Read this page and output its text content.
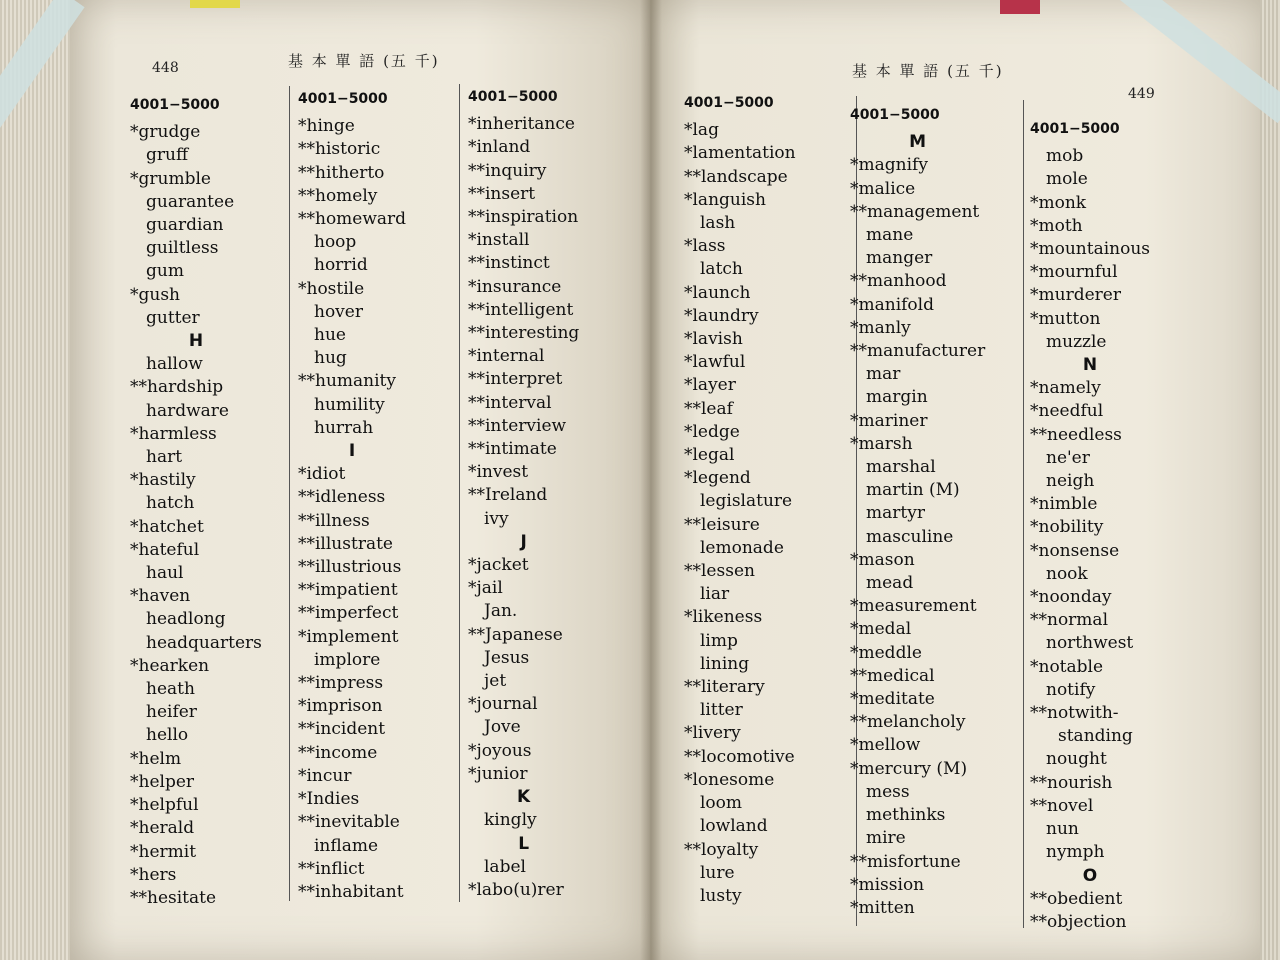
448	基 本 單 語 (五 千)
基 本 單 語 (五 千)
449
4001−5000
*grudge
gruff
*grumble
guarantee
guardian
guiltless
gum
*gush
gutter
H
hallow
**hardship
hardware
*harmless
hart
*hastily
hatch
*hatchet
*hateful
haul
*haven
headlong
headquarters
*hearken
heath
heifer
hello
*helm
*helper
*helpful
*herald
*hermit
*hers
**hesitate
4001−5000
*hinge
**historic
**hitherto
**homely
**homeward
hoop
horrid
*hostile
hover
hue
hug
**humanity
humility
hurrah
I
*idiot
**idleness
**illness
**illustrate
**illustrious
**impatient
**imperfect
*implement
implore
**impress
*imprison
**incident
**income
*incur
*Indies
**inevitable
inflame
**inflict
**inhabitant
4001−5000
*inheritance
*inland
**inquiry
**insert
**inspiration
*install
**instinct
*insurance
**intelligent
**interesting
*internal
**interpret
**interval
**interview
**intimate
*invest
**Ireland
ivy
J
*jacket
*jail
Jan.
**Japanese
Jesus
jet
*journal
Jove
*joyous
*junior
K
kingly
L
label
*labo(u)rer
4001−5000
*lag
*lamentation
**landscape
*languish
lash
*lass
latch
*launch
*laundry
*lavish
*lawful
*layer
**leaf
*ledge
*legal
*legend
legislature
**leisure
lemonade
**lessen
liar
*likeness
limp
lining
**literary
litter
*livery
**locomotive
*lonesome
loom
lowland
**loyalty
lure
lusty
4001−5000
M
*magnify
*malice
**management
mane
manger
**manhood
*manifold
*manly
**manufacturer
mar
margin
*mariner
*marsh
marshal
martin (M)
martyr
masculine
*mason
mead
*measurement
*medal
*meddle
**medical
*meditate
**melancholy
*mellow
*mercury (M)
mess
methinks
mire
**misfortune
*mission
*mitten
4001−5000
mob
mole
*monk
*moth
*mountainous
*mournful
*murderer
*mutton
muzzle
N
*namely
*needful
**needless
ne'er
neigh
*nimble
*nobility
*nonsense
nook
*noonday
**normal
northwest
*notable
notify
**notwith-
standing
nought
**nourish
**novel
nun
nymph
O
**obedient
**objection
